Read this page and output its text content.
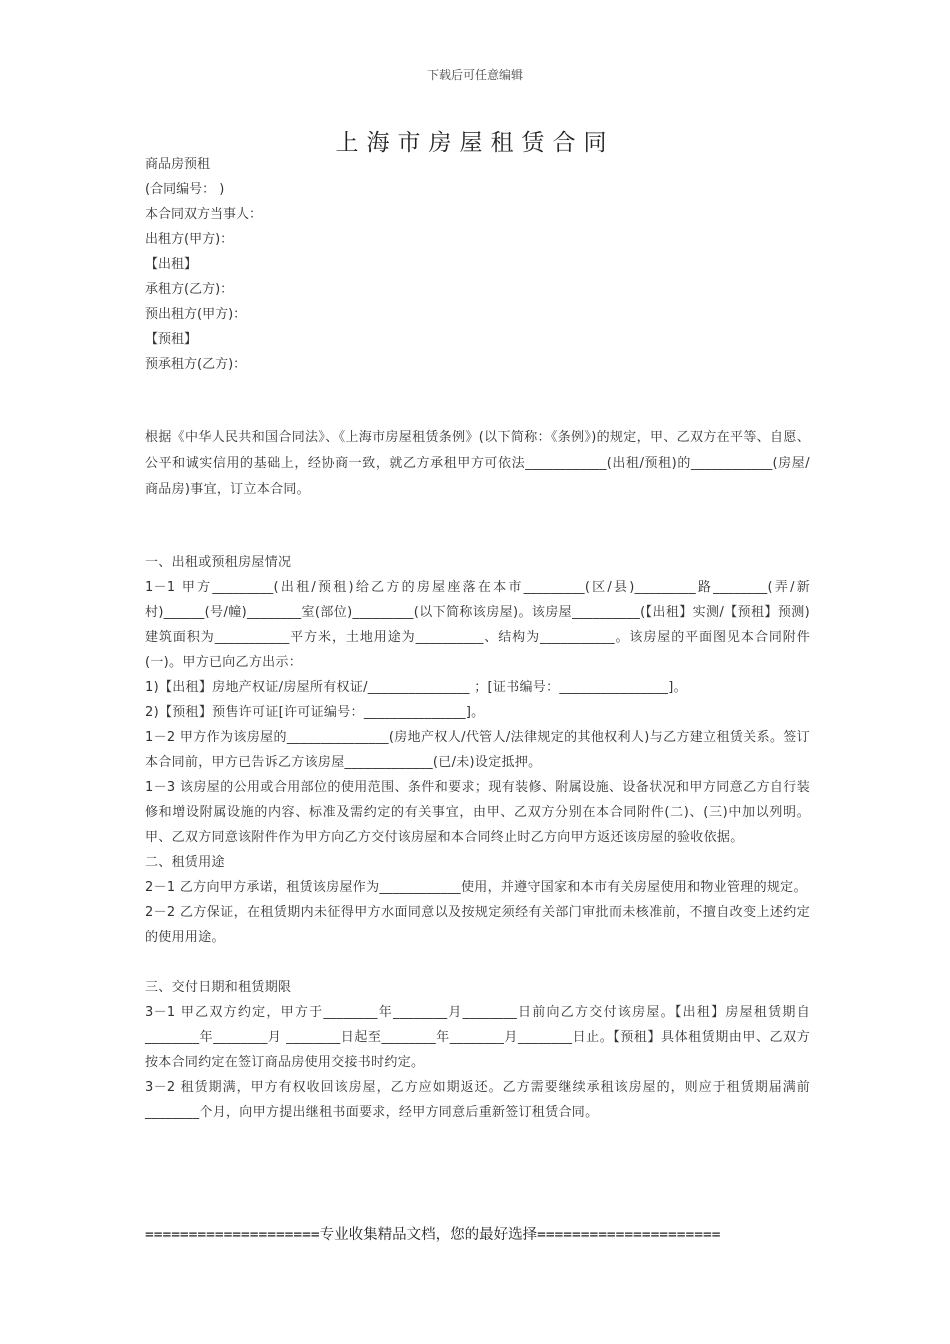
下载后可任意编辑
上海市房屋租赁合同
商品房预租
(合同编号： )
本合同双方当事人：
出租方(甲方)：
【出租】
承租方(乙方)：
预出租方(甲方)：
【预租】
预承租方(乙方)：

根据《中华人民共和国合同法》、《上海市房屋租赁条例》(以下简称：《条例》)的规定，甲、乙双方在平等、自愿、公平和诚实信用的基础上，经协商一致，就乙方承租甲方可依法____________(出租/预租)的____________(房屋/商品房)事宜，订立本合同。

一、出租或预租房屋情况

1－1 甲方_________(出租/预租)给乙方的房屋座落在本市_________(区/县)_________路________(弄/新村)______(号/幢)________室(部位)_________(以下简称该房屋)。该房屋__________(【出租】实测/【预租】预测)建筑面积为___________平方米，土地用途为__________、结构为___________。该房屋的平面图见本合同附件(一)。甲方已向乙方出示：

1)【出租】房地产权证/房屋所有权证/_______________ ；[证书编号：________________]。

2)【预租】预售许可证[许可证编号：_______________]。

1－2 甲方作为该房屋的_______________(房地产权人/代管人/法律规定的其他权利人)与乙方建立租赁关系。签订本合同前，甲方已告诉乙方该房屋_____________(已/未)设定抵押。

1－3 该房屋的公用或合用部位的使用范围、条件和要求；现有装修、附属设施、设备状况和甲方同意乙方自行装修和增设附属设施的内容、标准及需约定的有关事宜，由甲、乙双方分别在本合同附件(二)、(三)中加以列明。甲、乙双方同意该附件作为甲方向乙方交付该房屋和本合同终止时乙方向甲方返还该房屋的验收依据。

二、租赁用途

2－1 乙方向甲方承诺，租赁该房屋作为____________使用，并遵守国家和本市有关房屋使用和物业管理的规定。

2－2 乙方保证，在租赁期内未征得甲方水面同意以及按规定须经有关部门审批而未核准前，不擅自改变上述约定的使用用途。

三、交付日期和租赁期限

3－1 甲乙双方约定，甲方于________年________月________日前向乙方交付该房屋。【出租】房屋租赁期自________年________月 ________日起至________年________月________日止。【预租】具体租赁期由甲、乙双方按本合同约定在签订商品房使用交接书时约定。

3－2 租赁期满，甲方有权收回该房屋，乙方应如期返还。乙方需要继续承租该房屋的，则应于租赁期届满前________个月，向甲方提出继租书面要求，经甲方同意后重新签订租赁合同。

====================专业收集精品文档，您的最好选择=====================
